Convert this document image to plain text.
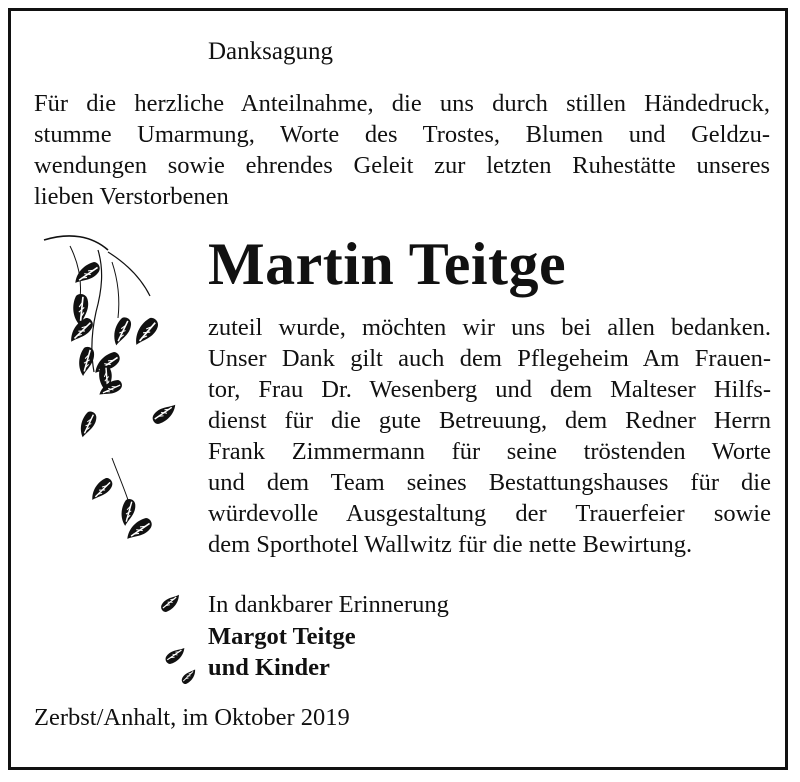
Danksagung
Für die herzliche Anteilnahme, die uns durch stillen Händedruck,
stumme Umarmung, Worte des Trostes, Blumen und Geldzu-
wendungen sowie ehrendes Geleit zur letzten Ruhestätte unseres
lieben Verstorbenen
Martin Teitge
zuteil wurde, möchten wir uns bei allen bedanken.
Unser Dank gilt auch dem Pflegeheim Am Frauen-
tor, Frau Dr. Wesenberg und dem Malteser Hilfs-
dienst für die gute Betreuung, dem Redner Herrn
Frank Zimmermann für seine tröstenden Worte
und dem Team seines Bestattungshauses für die
würdevolle Ausgestaltung der Trauerfeier sowie
dem Sporthotel Wallwitz für die nette Bewirtung.
In dankbarer Erinnerung
Margot Teitge
und Kinder
Zerbst/Anhalt, im Oktober 2019
